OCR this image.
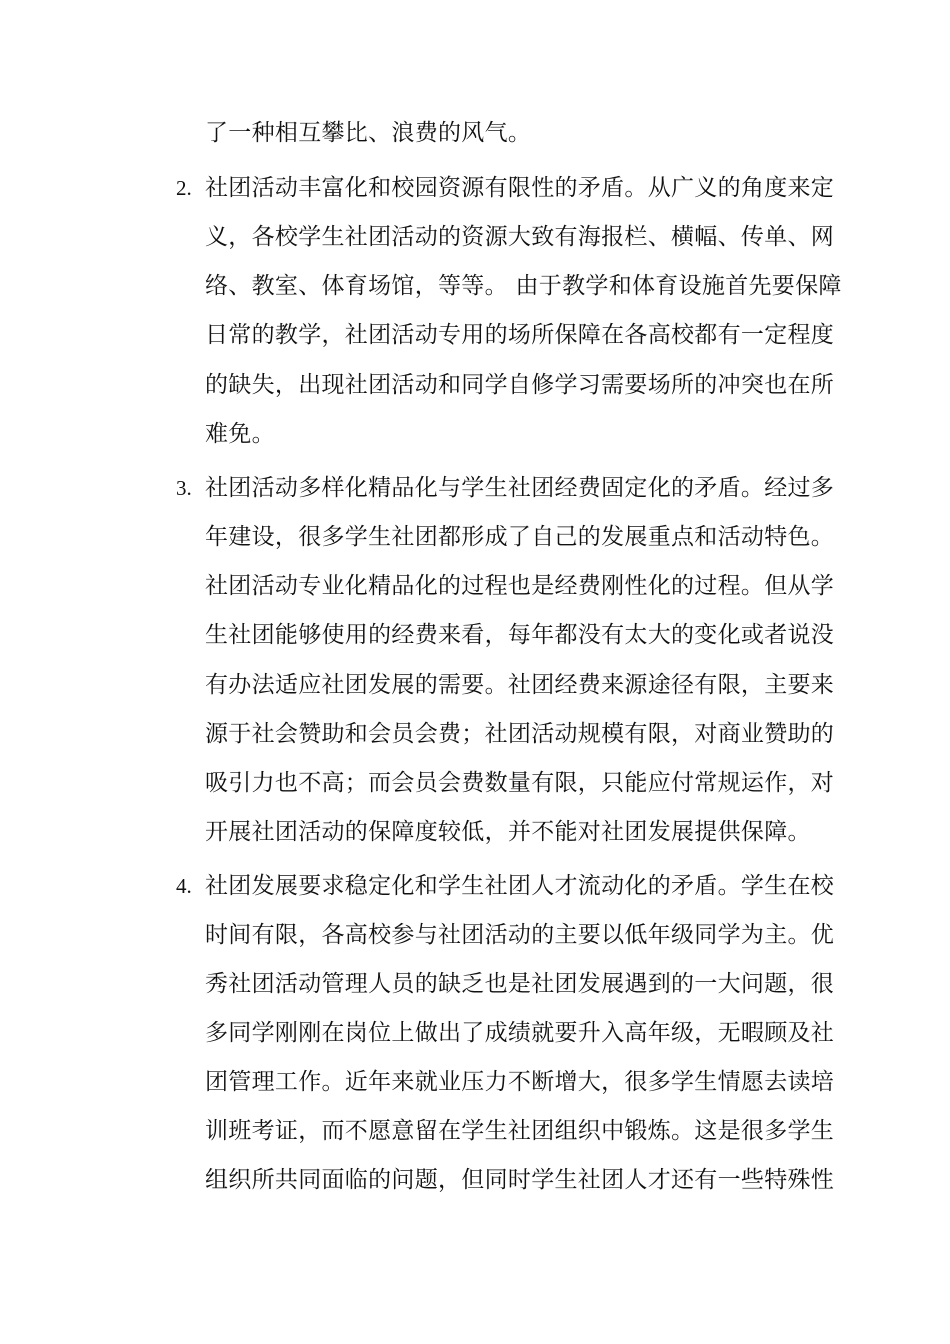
了一种相互攀比、浪费的风气。
2. 社团活动丰富化和校园资源有限性的矛盾。从广义的角度来定
义，各校学生社团活动的资源大致有海报栏、横幅、传单、网
络、教室、体育场馆，等等。 由于教学和体育设施首先要保障
日常的教学，社团活动专用的场所保障在各高校都有一定程度
的缺失，出现社团活动和同学自修学习需要场所的冲突也在所
难免。
3. 社团活动多样化精品化与学生社团经费固定化的矛盾。经过多
年建设，很多学生社团都形成了自己的发展重点和活动特色。
社团活动专业化精品化的过程也是经费刚性化的过程。但从学
生社团能够使用的经费来看，每年都没有太大的变化或者说没
有办法适应社团发展的需要。社团经费来源途径有限，主要来
源于社会赞助和会员会费；社团活动规模有限，对商业赞助的
吸引力也不高；而会员会费数量有限，只能应付常规运作，对
开展社团活动的保障度较低，并不能对社团发展提供保障。
4. 社团发展要求稳定化和学生社团人才流动化的矛盾。学生在校
时间有限，各高校参与社团活动的主要以低年级同学为主。优
秀社团活动管理人员的缺乏也是社团发展遇到的一大问题，很
多同学刚刚在岗位上做出了成绩就要升入高年级，无暇顾及社
团管理工作。近年来就业压力不断增大，很多学生情愿去读培
训班考证，而不愿意留在学生社团组织中锻炼。这是很多学生
组织所共同面临的问题，但同时学生社团人才还有一些特殊性
